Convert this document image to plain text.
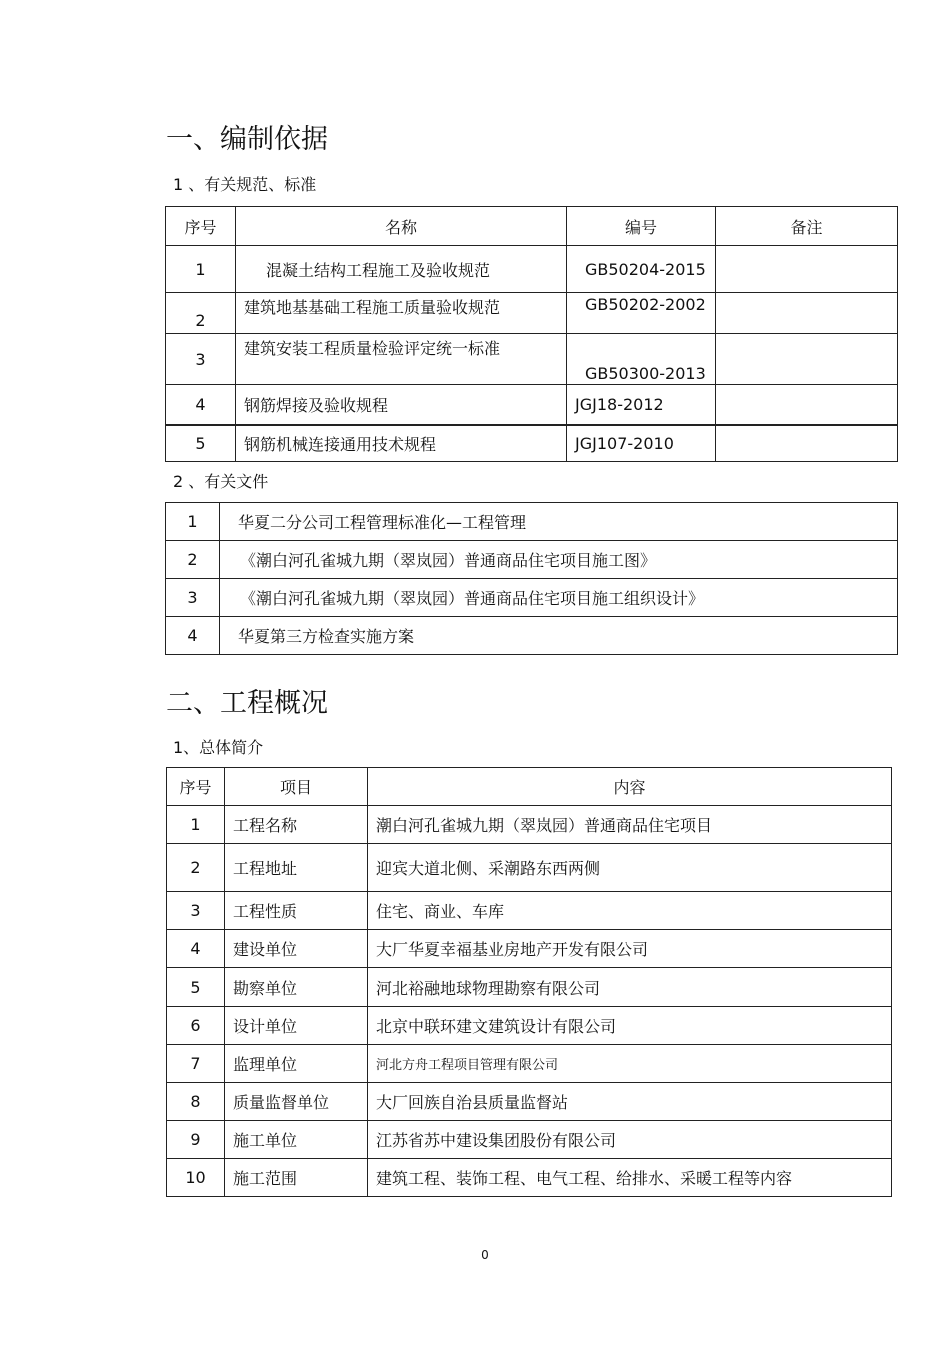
一、编制依据
1 、有关规范、标准
序号	名称	编号	备注
1	混凝土结构工程施工及验收规范	GB50204-2015	
2	建筑地基基础工程施工质量验收规范	GB50202-2002	
3	建筑安装工程质量检验评定统一标准	GB50300-2013	
4	钢筋焊接及验收规程	JGJ18-2012	
5	钢筋机械连接通用技术规程	JGJ107-2010	
2 、有关文件
1	华夏二分公司工程管理标准化—工程管理
2	《潮白河孔雀城九期（翠岚园）普通商品住宅项目施工图》
3	《潮白河孔雀城九期（翠岚园）普通商品住宅项目施工组织设计》
4	华夏第三方检查实施方案
二、工程概况
1、总体简介
序号	项目	内容
1	工程名称	潮白河孔雀城九期（翠岚园）普通商品住宅项目
2	工程地址	迎宾大道北侧、采潮路东西两侧
3	工程性质	住宅、商业、车库
4	建设单位	大厂华夏幸福基业房地产开发有限公司
5	勘察单位	河北裕融地球物理勘察有限公司
6	设计单位	北京中联环建文建筑设计有限公司
7	监理单位	河北方舟工程项目管理有限公司
8	质量监督单位	大厂回族自治县质量监督站
9	施工单位	江苏省苏中建设集团股份有限公司
10	施工范围	建筑工程、装饰工程、电气工程、给排水、采暖工程等内容
0
